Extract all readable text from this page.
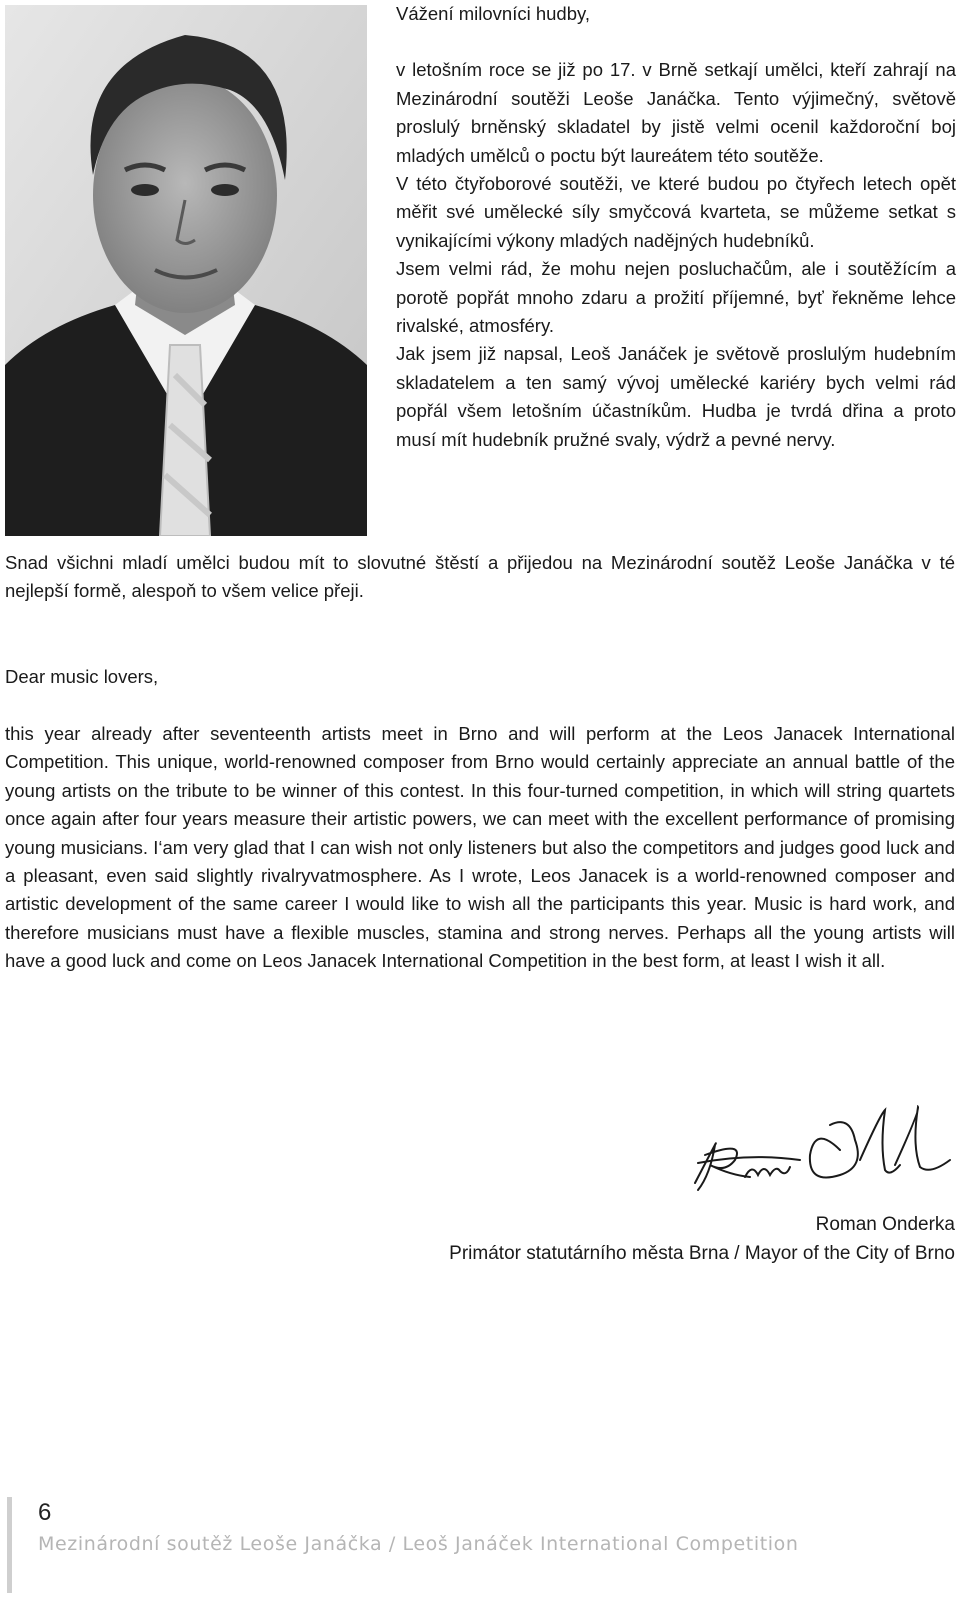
Vážení milovníci hudby,

v letošním roce se již po 17. v Brně setkají umělci, kteří zahrají na Mezinárodní soutěži Leoše Janáčka. Tento výjimečný, světově proslulý brněnský skladatel by jistě velmi ocenil každoroční boj mladých umělců o poctu být laureátem této soutěže.

V této čtyřoborové soutěži, ve které budou po čtyřech letech opět měřit své umělecké síly smyčcová kvarteta, se můžeme setkat s vynikajícími výkony mladých nadějných hudebníků.

Jsem velmi rád, že mohu nejen posluchačům, ale i soutěžícím a porotě popřát mnoho zdaru a prožití příjemné, byť řekněme lehce rivalské, atmosféry.

Jak jsem již napsal, Leoš Janáček je světově proslulým hudebním skladatelem a ten samý vývoj umělecké kariéry bych velmi rád popřál všem letošním účastníkům. Hudba je tvrdá dřina a proto musí mít hudebník pružné svaly, výdrž a pevné nervy.

Snad všichni mladí umělci budou mít to slovutné štěstí a přijedou na Mezinárodní soutěž Leoše Janáčka v té nejlepší formě, alespoň to všem velice přeji.

Dear music lovers,

this year already after seventeenth artists meet in Brno and will perform at the Leos Janacek International Competition. This unique, world-renowned composer from Brno would certainly appreciate an annual battle of the young artists on the tribute to be winner of this contest. In this four-turned competition, in which will string quartets once again after four years measure their artistic powers, we can meet with the excellent performance of promising young musicians. I‘am very glad that I can wish not only listeners but also the competitors and judges good luck and a pleasant, even said slightly rivalryvatmosphere. As I wrote, Leos Janacek is a world-renowned composer and artistic development of the same career I would like to wish all the participants this year. Music is hard work, and therefore musicians must have a flexible muscles, stamina and strong nerves. Perhaps all the young artists will have a good luck and come on Leos Janacek International Competition in the best form, at least I wish it all.

Roman Onderka
Primátor statutárního města Brna / Mayor of the City of Brno
6
Mezinárodní soutěž Leoše Janáčka / Leoš Janáček International Competition
